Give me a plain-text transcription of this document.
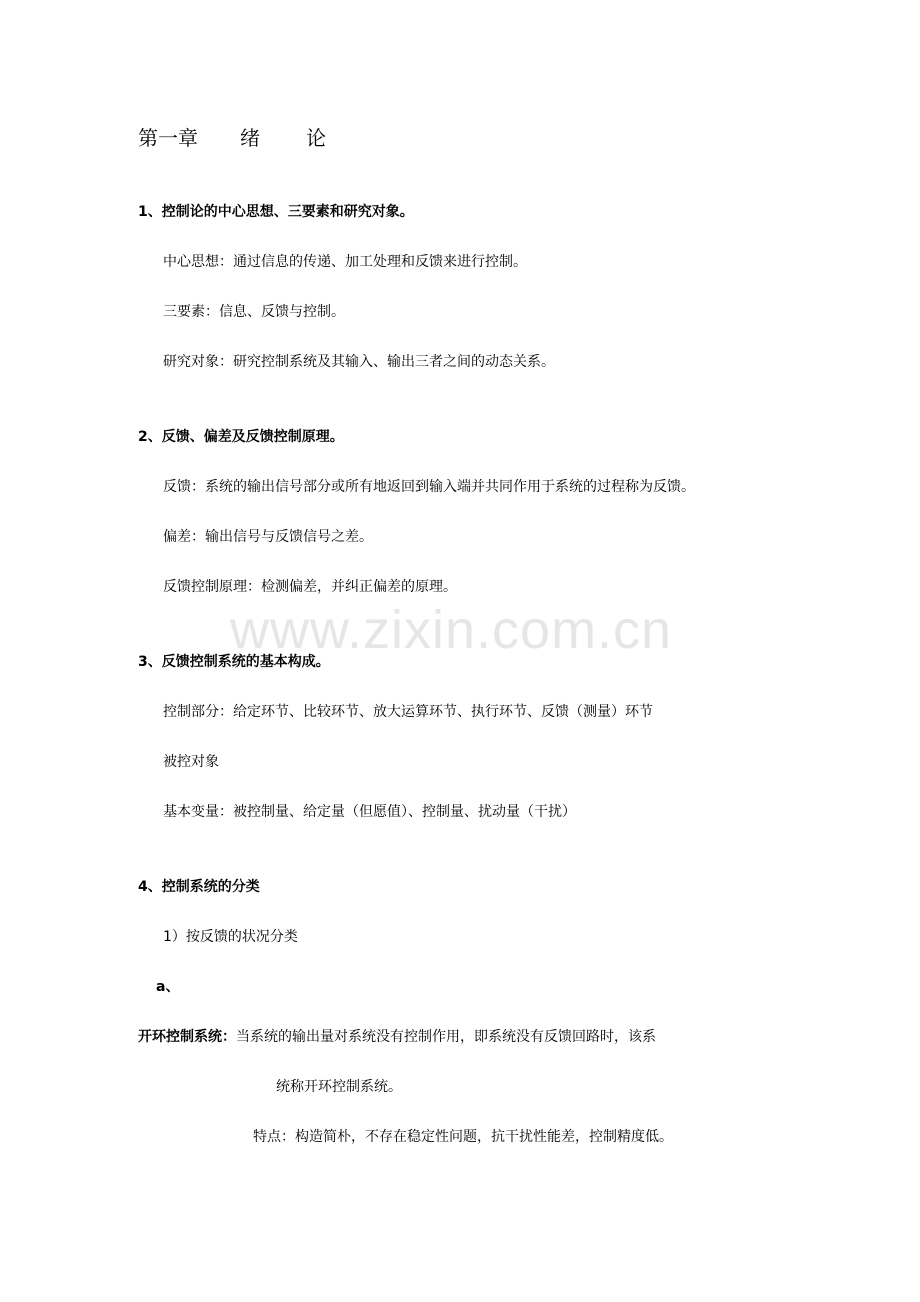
www.zixin.com.cn
第一章 绪 论
1、控制论的中心思想、三要素和研究对象。
中心思想：通过信息的传递、加工处理和反馈来进行控制。
三要素：信息、反馈与控制。
研究对象：研究控制系统及其输入、输出三者之间的动态关系。
2、反馈、偏差及反馈控制原理。
反馈：系统的输出信号部分或所有地返回到输入端并共同作用于系统的过程称为反馈。
偏差：输出信号与反馈信号之差。
反馈控制原理：检测偏差，并纠正偏差的原理。
3、反馈控制系统的基本构成。
控制部分：给定环节、比较环节、放大运算环节、执行环节、反馈（测量）环节
被控对象
基本变量：被控制量、给定量（但愿值）、控制量、扰动量（干扰）
4、控制系统的分类
1）按反馈的状况分类
a、
开环控制系统：当系统的输出量对系统没有控制作用，即系统没有反馈回路时，该系
统称开环控制系统。
特点：构造简朴，不存在稳定性问题，抗干扰性能差，控制精度低。
